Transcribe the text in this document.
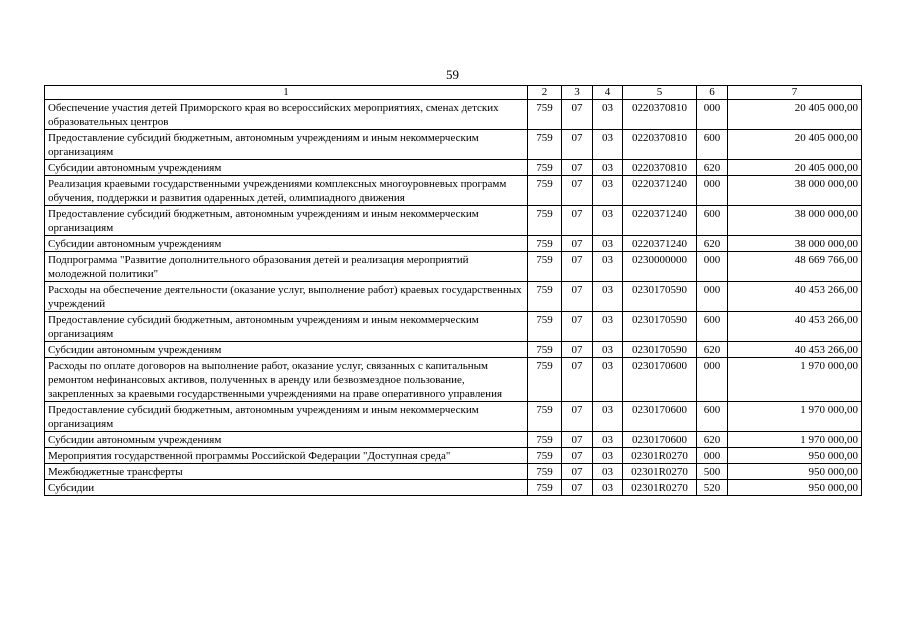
59
1	2	3	4	5	6	7
Обеспечение участия детей Приморского края во всероссийских мероприятиях, сменах детских образовательных центров	759	07	03	0220370810	000	20 405 000,00
Предоставление субсидий бюджетным, автономным учреждениям и иным некоммерческим организациям	759	07	03	0220370810	600	20 405 000,00
Субсидии автономным учреждениям	759	07	03	0220370810	620	20 405 000,00
Реализация краевыми государственными учреждениями комплексных многоуровневых программ обучения, поддержки и развития одаренных детей, олимпиадного движения	759	07	03	0220371240	000	38 000 000,00
Предоставление субсидий бюджетным, автономным учреждениям и иным некоммерческим организациям	759	07	03	0220371240	600	38 000 000,00
Субсидии автономным учреждениям	759	07	03	0220371240	620	38 000 000,00
Подпрограмма "Развитие дополнительного образования детей и реализация мероприятий молодежной политики"	759	07	03	0230000000	000	48 669 766,00
Расходы на обеспечение деятельности (оказание услуг, выполнение работ) краевых государственных учреждений	759	07	03	0230170590	000	40 453 266,00
Предоставление субсидий бюджетным, автономным учреждениям и иным некоммерческим организациям	759	07	03	0230170590	600	40 453 266,00
Субсидии автономным учреждениям	759	07	03	0230170590	620	40 453 266,00
Расходы по оплате договоров на выполнение работ, оказание услуг, связанных с капитальным ремонтом нефинансовых активов, полученных в аренду или безвозмездное пользование, закрепленных за краевыми государственными учреждениями на праве оперативного управления	759	07	03	0230170600	000	1 970 000,00
Предоставление субсидий бюджетным, автономным учреждениям и иным некоммерческим организациям	759	07	03	0230170600	600	1 970 000,00
Субсидии автономным учреждениям	759	07	03	0230170600	620	1 970 000,00
Мероприятия государственной программы Российской Федерации "Доступная среда"	759	07	03	02301R0270	000	950 000,00
Межбюджетные трансферты	759	07	03	02301R0270	500	950 000,00
Субсидии	759	07	03	02301R0270	520	950 000,00
